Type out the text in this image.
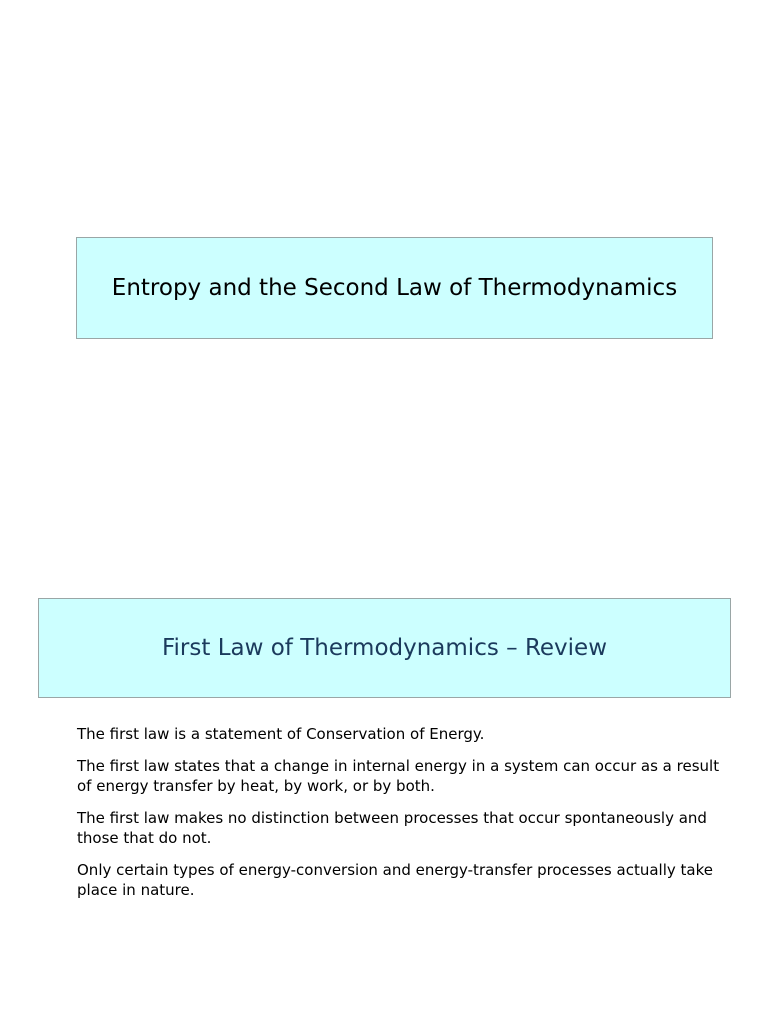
Entropy and the Second Law of Thermodynamics
First Law of Thermodynamics – Review
The first law is a statement of Conservation of Energy.
The first law states that a change in internal energy in a system can occur as a result of energy transfer by heat, by work, or by both.
The first law makes no distinction between processes that occur spontaneously and those that do not.
Only certain types of energy-conversion and energy-transfer processes actually take place in nature.
